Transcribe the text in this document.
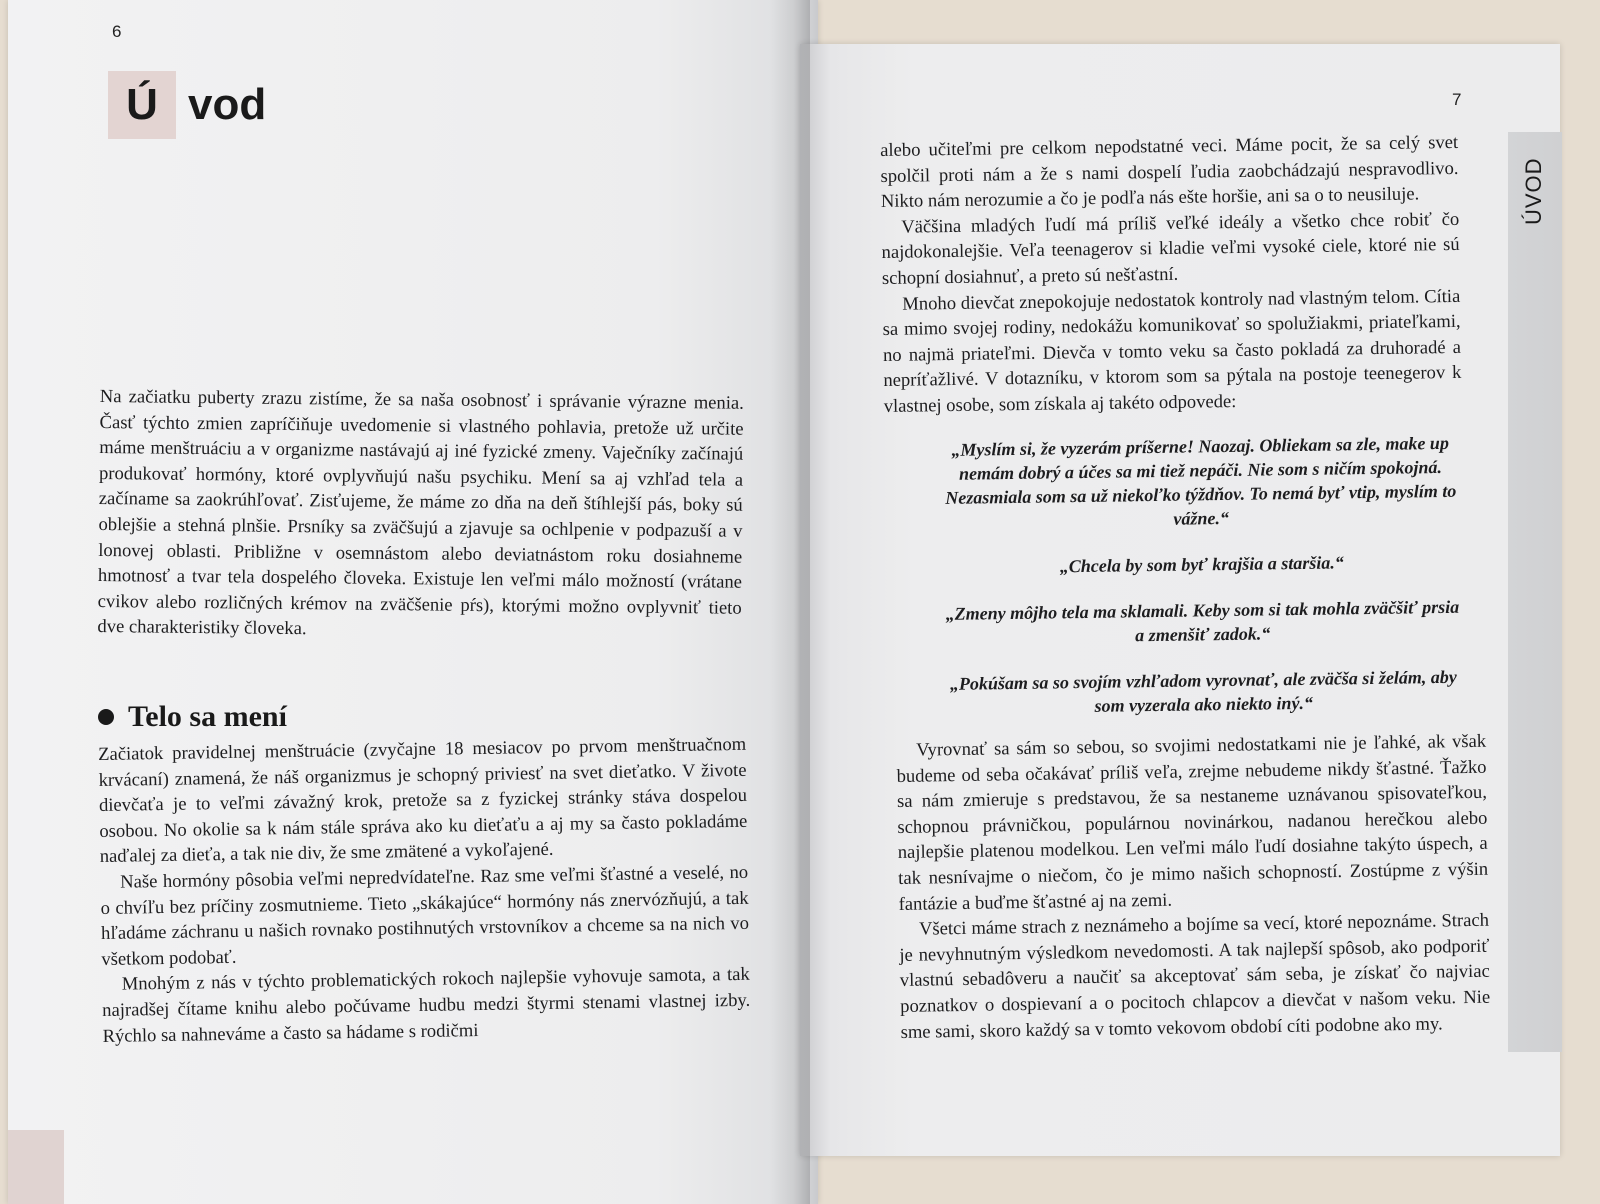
6
Ú vod

Na začiatku puberty zrazu zistíme, že sa naša osobnosť i správanie výrazne menia. Časť týchto zmien zapríčiňuje uvedomenie si vlastného pohlavia, pretože už určite máme menštruáciu a v organizme nastávajú aj iné fyzické zmeny. Vaječníky začínajú produkovať hormóny, ktoré ovplyvňujú našu psychiku. Mení sa aj vzhľad tela a začíname sa zaokrúhľovať. Zisťujeme, že máme zo dňa na deň štíhlejší pás, boky sú oblejšie a stehná plnšie. Prsníky sa zväčšujú a zjavuje sa ochlpenie v podpazuší a v lonovej oblasti. Približne v osemnástom alebo deviatnástom roku dosiahneme hmotnosť a tvar tela dospelého človeka. Existuje len veľmi málo možností (vrátane cvikov alebo rozličných krémov na zväčšenie pŕs), ktorými možno ovplyvniť tieto dve charakteristiky človeka.

Telo sa mení

Začiatok pravidelnej menštruácie (zvyčajne 18 mesiacov po prvom menštruačnom krvácaní) znamená, že náš organizmus je schopný priviesť na svet dieťatko. V živote dievčaťa je to veľmi závažný krok, pretože sa z fyzickej stránky stáva dospelou osobou. No okolie sa k nám stále správa ako ku dieťaťu a aj my sa často pokladáme naďalej za dieťa, a tak nie div, že sme zmätené a vykoľajené.

Naše hormóny pôsobia veľmi nepredvídateľne. Raz sme veľmi šťastné a veselé, no o chvíľu bez príčiny zosmutnieme. Tieto „skákajúce“ hormóny nás znervózňujú, a tak hľadáme záchranu u našich rovnako postihnutých vrstovníkov a chceme sa na nich vo všetkom podobať.

Mnohým z nás v týchto problematických rokoch najlepšie vyhovuje samota, a tak najradšej čítame knihu alebo počúvame hudbu medzi štyrmi stenami vlastnej izby. Rýchlo sa nahneváme a často sa hádame s rodičmi

7
ÚVOD

alebo učiteľmi pre celkom nepodstatné veci. Máme pocit, že sa celý svet spolčil proti nám a že s nami dospelí ľudia zaobchádzajú nespravodlivo. Nikto nám nerozumie a čo je podľa nás ešte horšie, ani sa o to neusiluje.

Väčšina mladých ľudí má príliš veľké ideály a všetko chce robiť čo najdokonalejšie. Veľa teenagerov si kladie veľmi vysoké ciele, ktoré nie sú schopní dosiahnuť, a preto sú nešťastní.

Mnoho dievčat znepokojuje nedostatok kontroly nad vlastným telom. Cítia sa mimo svojej rodiny, nedokážu komunikovať so spolužiakmi, priateľkami, no najmä priateľmi. Dievča v tomto veku sa často pokladá za druhoradé a nepríťažlivé. V dotazníku, v ktorom som sa pýtala na postoje teenegerov k vlastnej osobe, som získala aj takéto odpovede:

„Myslím si, že vyzerám príšerne! Naozaj. Obliekam sa zle, make up nemám dobrý a účes sa mi tiež nepáči. Nie som s ničím spokojná. Nezasmiala som sa už niekoľko týždňov. To nemá byť vtip, myslím to vážne.“

„Chcela by som byť krajšia a staršia.“

„Zmeny môjho tela ma sklamali. Keby som si tak mohla zväčšiť prsia a zmenšiť zadok.“

„Pokúšam sa so svojím vzhľadom vyrovnať, ale zväčša si želám, aby som vyzerala ako niekto iný.“

Vyrovnať sa sám so sebou, so svojimi nedostatkami nie je ľahké, ak však budeme od seba očakávať príliš veľa, zrejme nebudeme nikdy šťastné. Ťažko sa nám zmieruje s predstavou, že sa nestaneme uznávanou spisovateľkou, schopnou právničkou, populárnou novinárkou, nadanou herečkou alebo najlepšie platenou modelkou. Len veľmi málo ľudí dosiahne takýto úspech, a tak nesnívajme o niečom, čo je mimo našich schopností. Zostúpme z výšin fantázie a buďme šťastné aj na zemi.

Všetci máme strach z neznámeho a bojíme sa vecí, ktoré nepoznáme. Strach je nevyhnutným výsledkom nevedomosti. A tak najlepší spôsob, ako podporiť vlastnú sebadôveru a naučiť sa akceptovať sám seba, je získať čo najviac poznatkov o dospievaní a o pocitoch chlapcov a dievčat v našom veku. Nie sme sami, skoro každý sa v tomto vekovom období cíti podobne ako my.
